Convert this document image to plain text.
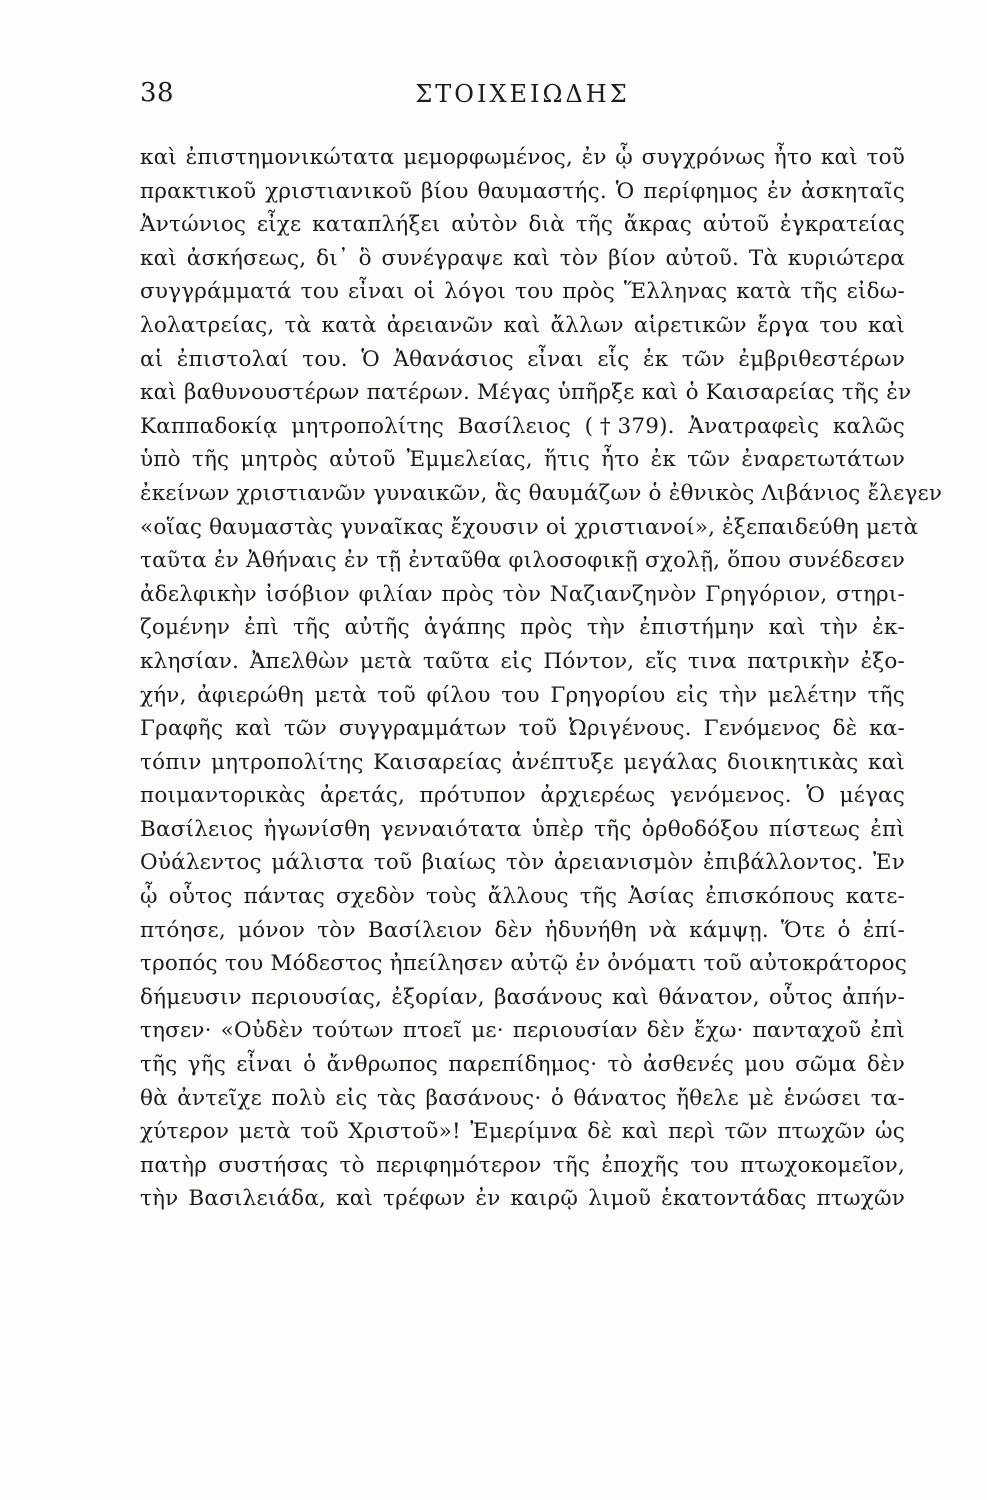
38	ΣΤΟΙΧΕΙΩΔΗΣ
καὶ ἐπιστημονικώτατα μεμορφωμένος, ἐν ᾧ συγχρόνως ἦτο καὶ τοῦ
πρακτικοῦ χριστιανικοῦ βίου θαυμαστής. Ὁ περίφημος ἐν ἀσκηταῖς
Ἀντώνιος εἶχε καταπλήξει αὐτὸν διὰ τῆς ἄκρας αὐτοῦ ἐγκρατείας
καὶ ἀσκήσεως, δι᾿ ὃ συνέγραψε καὶ τὸν βίον αὐτοῦ. Τὰ κυριώτερα
συγγράμματά του εἶναι οἱ λόγοι του πρὸς Ἕλληνας κατὰ τῆς εἰδω-
λολατρείας, τὰ κατὰ ἀρειανῶν καὶ ἄλλων αἱρετικῶν ἔργα του καὶ
αἱ ἐπιστολαί του. Ὁ Ἀθανάσιος εἶναι εἷς ἐκ τῶν ἐμβριθεστέρων
καὶ βαθυνουστέρων πατέρων. Μέγας ὑπῆρξε καὶ ὁ Καισαρείας τῆς ἐν
Καππαδοκίᾳ μητροπολίτης Βασίλειος (†379). Ἀνατραφεὶς καλῶς
ὑπὸ τῆς μητρὸς αὐτοῦ Ἐμμελείας, ἥτις ἦτο ἐκ τῶν ἐναρετωτάτων
ἐκείνων χριστιανῶν γυναικῶν, ἃς θαυμάζων ὁ ἐθνικὸς Λιβάνιος ἔλεγεν
«οἵας θαυμαστὰς γυναῖκας ἔχουσιν οἱ χριστιανοί», ἐξεπαιδεύθη μετὰ
ταῦτα ἐν Ἀθήναις ἐν τῇ ἐνταῦθα φιλοσοφικῇ σχολῇ, ὅπου συνέδεσεν
ἀδελφικὴν ἰσόβιον φιλίαν πρὸς τὸν Ναζιανζηνὸν Γρηγόριον, στηρι-
ζομένην ἐπὶ τῆς αὐτῆς ἀγάπης πρὸς τὴν ἐπιστήμην καὶ τὴν ἐκ-
κλησίαν. Ἀπελθὼν μετὰ ταῦτα εἰς Πόντον, εἴς τινα πατρικὴν ἐξο-
χήν, ἀφιερώθη μετὰ τοῦ φίλου του Γρηγορίου εἰς τὴν μελέτην τῆς
Γραφῆς καὶ τῶν συγγραμμάτων τοῦ Ὠριγένους. Γενόμενος δὲ κα-
τόπιν μητροπολίτης Καισαρείας ἀνέπτυξε μεγάλας διοικητικὰς καὶ
ποιμαντορικὰς ἀρετάς, πρότυπον ἀρχιερέως γενόμενος. Ὁ μέγας
Βασίλειος ἠγωνίσθη γενναιότατα ὑπὲρ τῆς ὀρθοδόξου πίστεως ἐπὶ
Οὐάλεντος μάλιστα τοῦ βιαίως τὸν ἀρειανισμὸν ἐπιβάλλοντος. Ἐν
ᾧ οὗτος πάντας σχεδὸν τοὺς ἄλλους τῆς Ἀσίας ἐπισκόπους κατε-
πτόησε, μόνον τὸν Βασίλειον δὲν ἠδυνήθη νὰ κάμψῃ. Ὅτε ὁ ἐπί-
τροπός του Μόδεστος ἠπείλησεν αὐτῷ ἐν ὀνόματι τοῦ αὐτοκράτορος
δήμευσιν περιουσίας, ἐξορίαν, βασάνους καὶ θάνατον, οὗτος ἀπήν-
τησεν· «Οὐδὲν τούτων πτοεῖ με· περιουσίαν δὲν ἔχω· πανταχοῦ ἐπὶ
τῆς γῆς εἶναι ὁ ἄνθρωπος παρεπίδημος· τὸ ἀσθενές μου σῶμα δὲν
θὰ ἀντεῖχε πολὺ εἰς τὰς βασάνους· ὁ θάνατος ἤθελε μὲ ἑνώσει τα-
χύτερον μετὰ τοῦ Χριστοῦ»! Ἐμερίμνα δὲ καὶ περὶ τῶν πτωχῶν ὡς
πατὴρ συστήσας τὸ περιφημότερον τῆς ἐποχῆς του πτωχοκομεῖον,
τὴν Βασιλειάδα, καὶ τρέφων ἐν καιρῷ λιμοῦ ἑκατοντάδας πτωχῶν
